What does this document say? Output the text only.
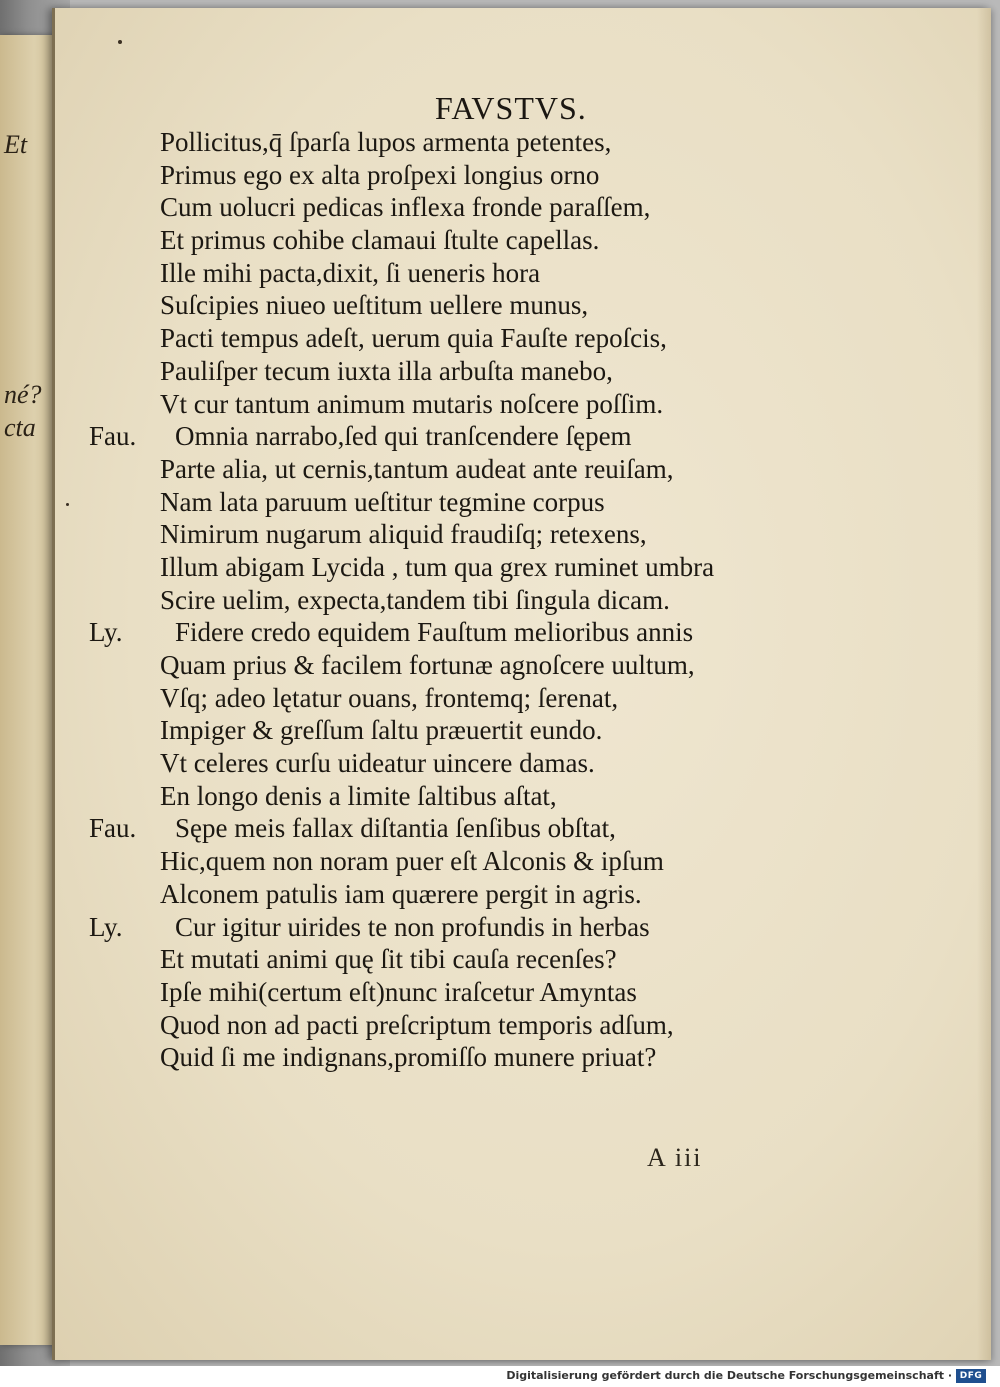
Et
né?
cta
FAVSTVS.
Pollicitus,q̄ ſparſa lupos armenta petentes,
Primus ego ex alta proſpexi longius orno
Cum uolucri pedicas inflexa fronde paraſſem,
Et primus cohibe clamaui ſtulte capellas.
Ille mihi pacta,dixit, ſi ueneris hora
Suſcipies niueo ueſtitum uellere munus,
Pacti tempus adeſt, uerum quia Fauſte repoſcis,
Pauliſper tecum iuxta illa arbuſta manebo,
Vt cur tantum animum mutaris noſcere poſſim.
Fau. Omnia narrabo,ſed qui tranſcendere ſępem
Parte alia, ut cernis,tantum audeat ante reuiſam,
Nam lata paruum ueſtitur tegmine corpus
Nimirum nugarum aliquid fraudiſq; retexens,
Illum abigam Lycida , tum qua grex ruminet umbra
Scire uelim, expecta,tandem tibi ſingula dicam.
Ly. Fidere credo equidem Fauſtum melioribus annis
Quam prius & facilem fortunæ agnoſcere uultum,
Vſq; adeo lętatur ouans, frontemq; ſerenat,
Impiger & greſſum ſaltu præuertit eundo.
Vt celeres curſu uideatur uincere damas.
En longo denis a limite ſaltibus aſtat,
Fau. Sępe meis fallax diſtantia ſenſibus obſtat,
Hic,quem non noram puer eſt Alconis & ipſum
Alconem patulis iam quærere pergit in agris.
Ly. Cur igitur uirides te non profundis in herbas
Et mutati animi quę ſit tibi cauſa recenſes?
Ipſe mihi(certum eſt)nunc iraſcetur Amyntas
Quod non ad pacti preſcriptum temporis adſum,
Quid ſi me indignans,promiſſo munere priuat?
A iii
Digitalisierung gefördert durch die Deutsche Forschungsgemeinschaft · DFG
